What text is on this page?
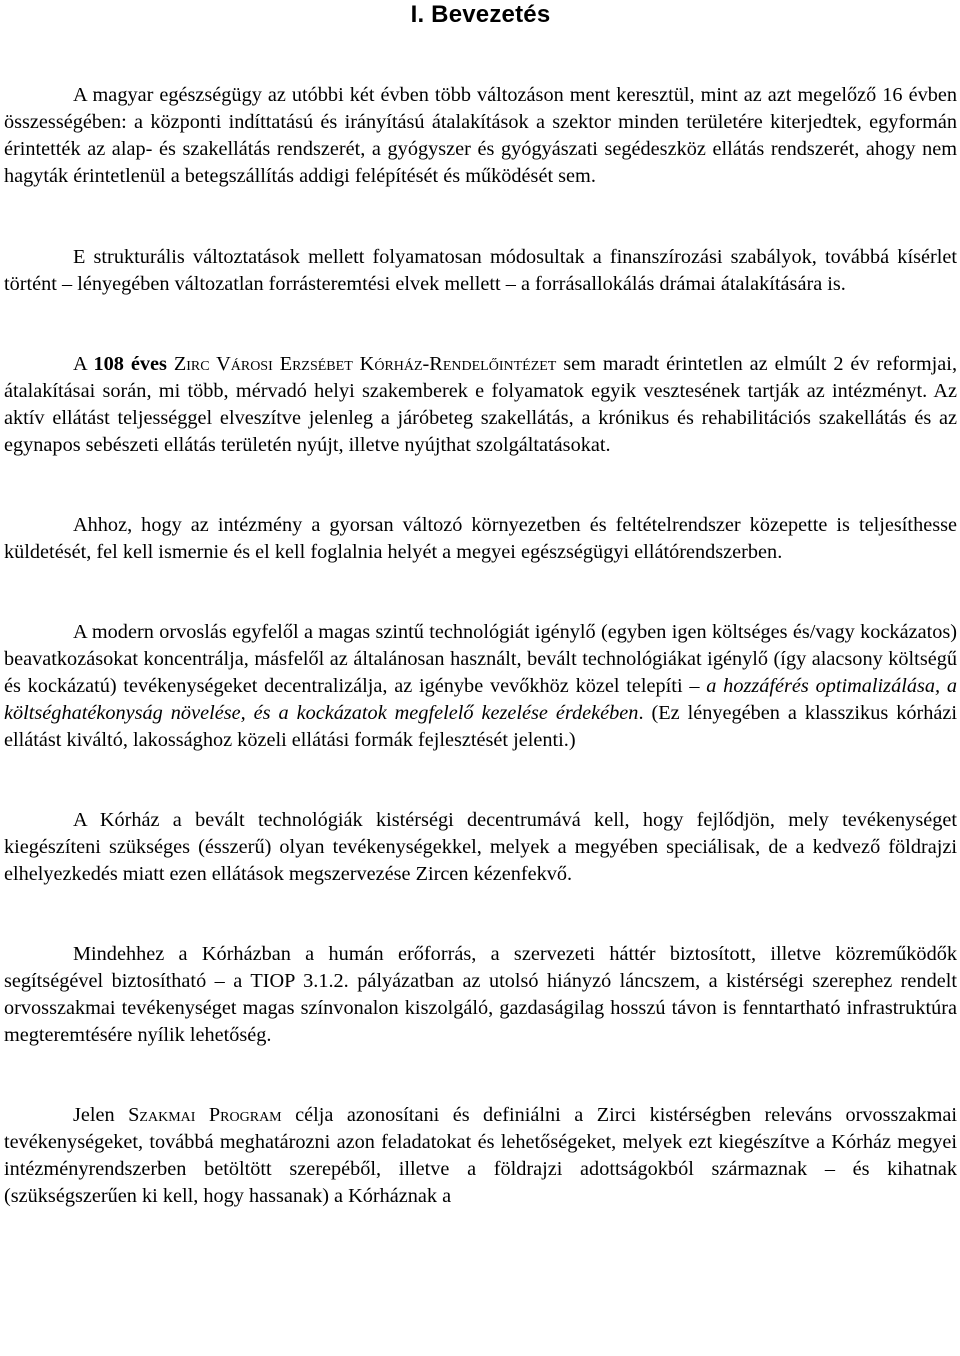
I. Bevezetés

A magyar egészségügy az utóbbi két évben több változáson ment keresztül, mint az azt megelőző 16 évben összességében: a központi indíttatású és irányítású átalakítások a szektor minden területére kiterjedtek, egyformán érintették az alap- és szakellátás rendszerét, a gyógyszer és gyógyászati segédeszköz ellátás rendszerét, ahogy nem hagyták érintetlenül a betegszállítás addigi felépítését és működését sem.

E strukturális változtatások mellett folyamatosan módosultak a finanszírozási szabályok, továbbá kísérlet történt – lényegében változatlan forrásteremtési elvek mellett – a forrásallokálás drámai átalakítására is.

A 108 éves Zirc Városi Erzsébet Kórház-Rendelőintézet sem maradt érintetlen az elmúlt 2 év reformjai, átalakításai során, mi több, mérvadó helyi szakemberek e folyamatok egyik vesztesének tartják az intézményt. Az aktív ellátást teljességgel elveszítve jelenleg a járóbeteg szakellátás, a krónikus és rehabilitációs szakellátás és az egynapos sebészeti ellátás területén nyújt, illetve nyújthat szolgáltatásokat.

Ahhoz, hogy az intézmény a gyorsan változó környezetben és feltételrendszer közepette is teljesíthesse küldetését, fel kell ismernie és el kell foglalnia helyét a megyei egészségügyi ellátórendszerben.

A modern orvoslás egyfelől a magas szintű technológiát igénylő (egyben igen költséges és/vagy kockázatos) beavatkozásokat koncentrálja, másfelől az általánosan használt, bevált technológiákat igénylő (így alacsony költségű és kockázatú) tevékenységeket decentralizálja, az igénybe vevőkhöz közel telepíti – a hozzáférés optimalizálása, a költséghatékonyság növelése, és a kockázatok megfelelő kezelése érdekében. (Ez lényegében a klasszikus kórházi ellátást kiváltó, lakossághoz közeli ellátási formák fejlesztését jelenti.)

A Kórház a bevált technológiák kistérségi decentrumává kell, hogy fejlődjön, mely tevékenységet kiegészíteni szükséges (ésszerű) olyan tevékenységekkel, melyek a megyében speciálisak, de a kedvező földrajzi elhelyezkedés miatt ezen ellátások megszervezése Zircen kézenfekvő.

Mindehhez a Kórházban a humán erőforrás, a szervezeti háttér biztosított, illetve közreműködők segítségével biztosítható – a TIOP 3.1.2. pályázatban az utolsó hiányzó láncszem, a kistérségi szerephez rendelt orvosszakmai tevékenységet magas színvonalon kiszolgáló, gazdaságilag hosszú távon is fenntartható infrastruktúra megteremtésére nyílik lehetőség.

Jelen Szakmai Program célja azonosítani és definiálni a Zirci kistérségben releváns orvosszakmai tevékenységeket, továbbá meghatározni azon feladatokat és lehetőségeket, melyek ezt kiegészítve a Kórház megyei intézményrendszerben betöltött szerepéből, illetve a földrajzi adottságokból származnak – és kihatnak (szükségszerűen ki kell, hogy hassanak) a Kórháznak a
